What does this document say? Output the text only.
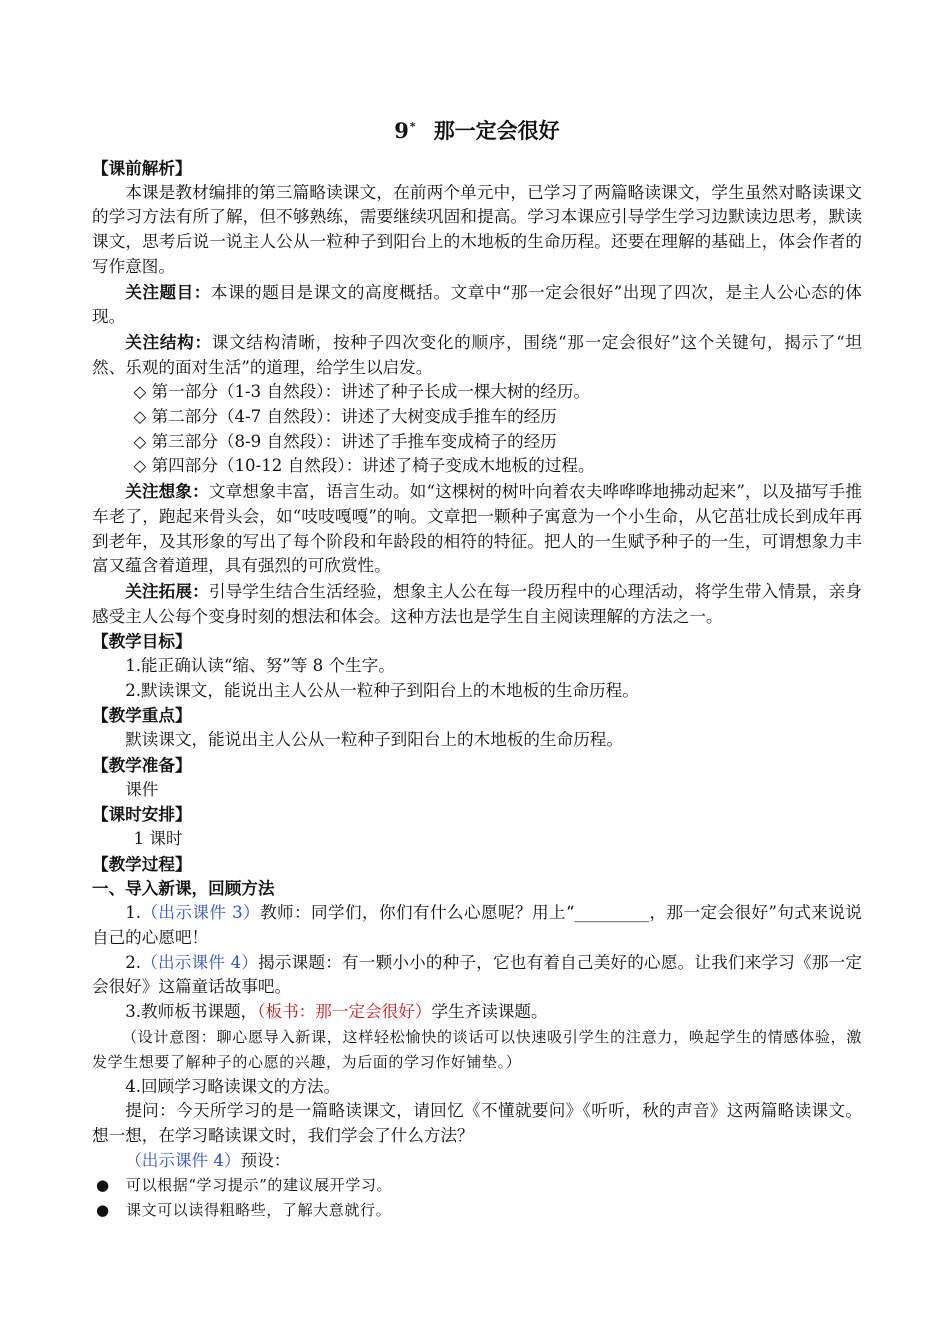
9* 那一定会很好

【课前解析】

本课是教材编排的第三篇略读课文，在前两个单元中，已学习了两篇略读课文，学生虽然对略读课文的学习方法有所了解，但不够熟练，需要继续巩固和提高。学习本课应引导学生学习边默读边思考，默读课文，思考后说一说主人公从一粒种子到阳台上的木地板的生命历程。还要在理解的基础上，体会作者的写作意图。

关注题目：本课的题目是课文的高度概括。文章中“那一定会很好”出现了四次，是主人公心态的体现。

关注结构：课文结构清晰，按种子四次变化的顺序，围绕“那一定会很好”这个关键句，揭示了“坦然、乐观的面对生活”的道理，给学生以启发。

◇ 第一部分（1-3 自然段）：讲述了种子长成一棵大树的经历。

◇ 第二部分（4-7 自然段）：讲述了大树变成手推车的经历

◇ 第三部分（8-9 自然段）：讲述了手推车变成椅子的经历

◇ 第四部分（10-12 自然段）：讲述了椅子变成木地板的过程。

关注想象：文章想象丰富，语言生动。如“这棵树的树叶向着农夫哗哗哗地拂动起来”，以及描写手推车老了，跑起来骨头会，如“吱吱嘎嘎”的响。文章把一颗种子寓意为一个小生命，从它茁壮成长到成年再到老年，及其形象的写出了每个阶段和年龄段的相符的特征。把人的一生赋予种子的一生，可谓想象力丰富又蕴含着道理，具有强烈的可欣赏性。

关注拓展：引导学生结合生活经验，想象主人公在每一段历程中的心理活动，将学生带入情景，亲身感受主人公每个变身时刻的想法和体会。这种方法也是学生自主阅读理解的方法之一。

【教学目标】

1.能正确认读“缩、努”等 8 个生字。

2.默读课文，能说出主人公从一粒种子到阳台上的木地板的生命历程。

【教学重点】

默读课文，能说出主人公从一粒种子到阳台上的木地板的生命历程。

【教学准备】

课件

【课时安排】

1 课时

【教学过程】

一、导入新课，回顾方法

1.（出示课件 3）教师：同学们，你们有什么心愿呢？用上“_________，那一定会很好”句式来说说自己的心愿吧！

2.（出示课件 4）揭示课题：有一颗小小的种子，它也有着自己美好的心愿。让我们来学习《那一定会很好》这篇童话故事吧。

3.教师板书课题，（板书：那一定会很好）学生齐读课题。

（设计意图：聊心愿导入新课，这样轻松愉快的谈话可以快速吸引学生的注意力，唤起学生的情感体验，激发学生想要了解种子的心愿的兴趣，为后面的学习作好铺垫。）

4.回顾学习略读课文的方法。

提问：今天所学习的是一篇略读课文，请回忆《不懂就要问》《听听，秋的声音》这两篇略读课文。想一想，在学习略读课文时，我们学会了什么方法？

（出示课件 4）预设：

●	可以根据“学习提示”的建议展开学习。
●	课文可以读得粗略些，了解大意就行。
